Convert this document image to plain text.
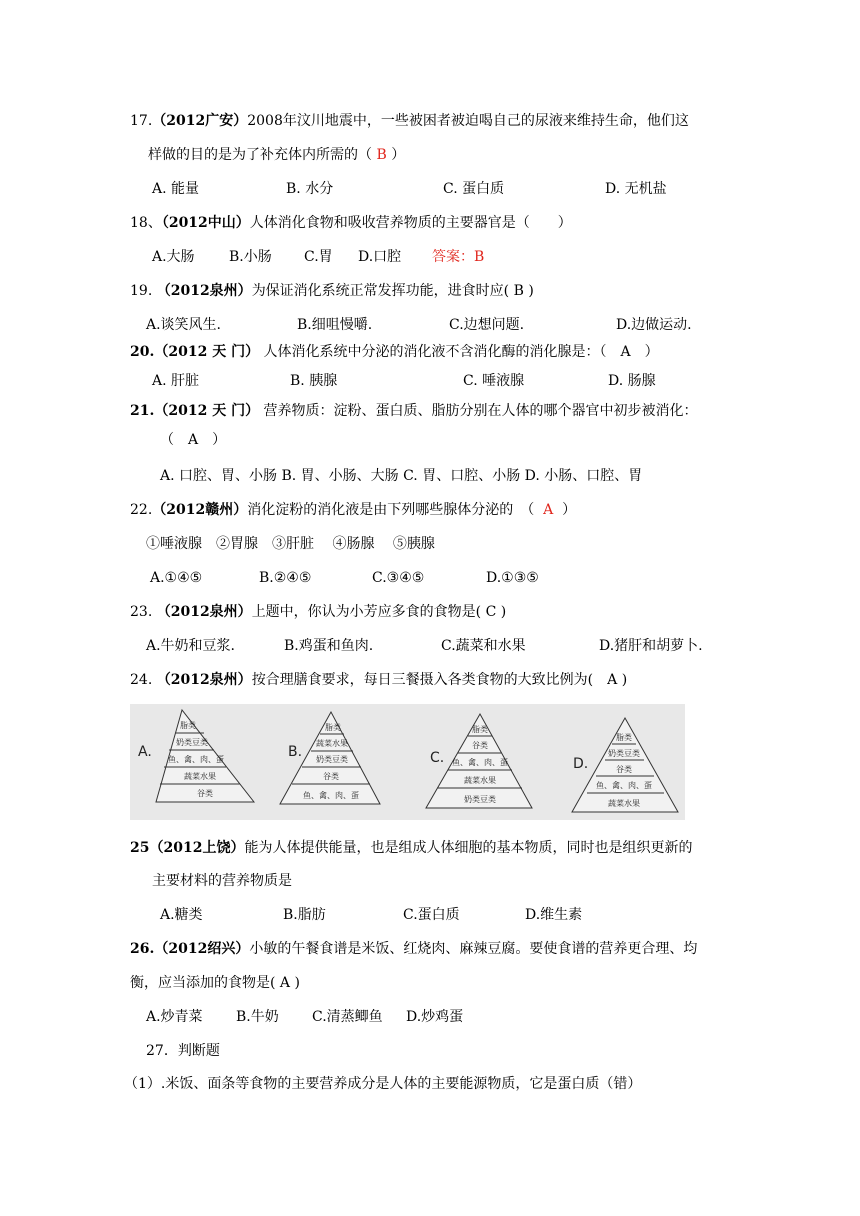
17.（2012广安）2008年汶川地震中，一些被困者被迫喝自己的尿液来维持生命，他们这
样做的目的是为了补充体内所需的（ B ）
A. 能量	B. 水分	C. 蛋白质	D. 无机盐
18、（2012中山）人体消化食物和吸收营养物质的主要器官是（　　）
A.大肠 B.小肠 C.胃 D.口腔 答案：B
19. （2012泉州）为保证消化系统正常发挥功能，进食时应( B )
A.谈笑风生.	B.细咀慢嚼.	C.边想问题.	D.边做运动.
20.（2012 天 门） 人体消化系统中分泌的消化液不含消化酶的消化腺是：（　A　）
A. 肝脏	B. 胰腺	C. 唾液腺	D. 肠腺
21.（2012 天 门） 营养物质：淀粉、蛋白质、脂肪分别在人体的哪个器官中初步被消化：
（　A　）
A. 口腔、胃、小肠 B. 胃、小肠、大肠 C. 胃、口腔、小肠 D. 小肠、口腔、胃
22.（2012赣州）消化淀粉的消化液是由下列哪些腺体分泌的　（ A ）
①唾液腺　②胃腺　③肝脏　 ④肠腺　 ⑤胰腺
A.①④⑤	B.②④⑤	C.③④⑤	D.①③⑤
23. （2012泉州）上题中，你认为小芳应多食的食物是( C )
A.牛奶和豆浆.	B.鸡蛋和鱼肉.	C.蔬菜和水果	D.猪肝和胡萝卜.
24. （2012泉州）按合理膳食要求，每日三餐摄入各类食物的大致比例为(　A )
A.
脂类
奶类豆类
鱼、禽、肉、蛋
蔬菜水果
谷类
B.
脂类
蔬菜水果
奶类豆类
谷类
鱼、禽、肉、蛋
C.
脂类
谷类
鱼、禽、肉、蛋
蔬菜水果
奶类豆类
D.
脂类
奶类豆类
谷类
鱼、禽、肉、蛋
蔬菜水果
25（2012上饶）能为人体提供能量，也是组成人体细胞的基本物质，同时也是组织更新的
主要材料的营养物质是
A.糖类	B.脂肪	C.蛋白质	D.维生素
26.（2012绍兴）小敏的午餐食谱是米饭、红烧肉、麻辣豆腐。要使食谱的营养更合理、均
衡，应当添加的食物是( A )
A.炒青菜 B.牛奶 C.清蒸鲫鱼 D.炒鸡蛋
27．判断题
（1）.米饭、面条等食物的主要营养成分是人体的主要能源物质，它是蛋白质（错）
